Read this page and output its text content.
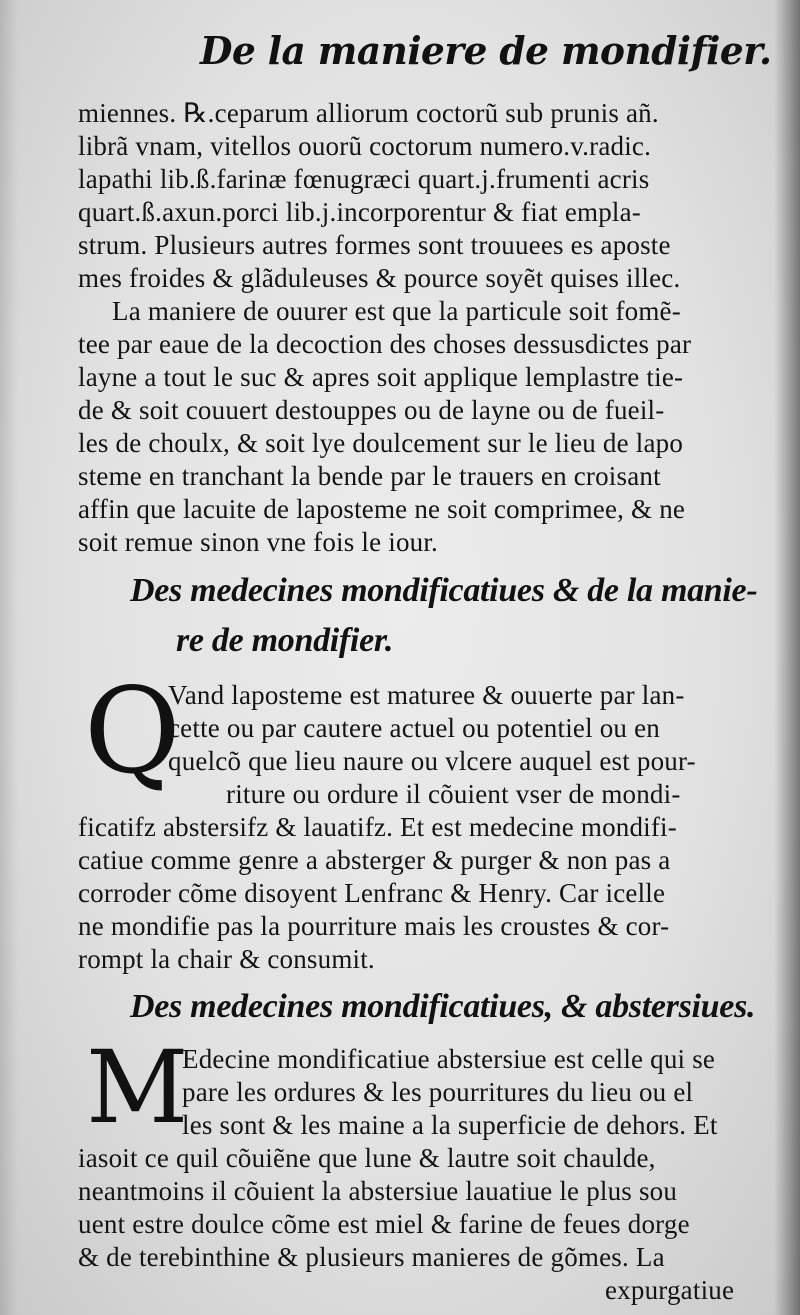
De la maniere de mondifier.
miennes. ℞.ceparum alliorum coctorũ sub prunis añ.
librã vnam, vitellos ouorũ coctorum numero.v.radic.
lapathi lib.ß.farinæ fœnugræci quart.j.frumenti acris
quart.ß.axun.porci lib.j.incorporentur & fiat empla-
strum. Plusieurs autres formes sont trouuees es aposte
mes froides & glãduleuses & pource soyẽt quises illec.
La maniere de ouurer est que la particule soit fomẽ-
tee par eaue de la decoction des choses dessusdictes par
layne a tout le suc & apres soit applique lemplastre tie-
de & soit couuert destouppes ou de layne ou de fueil-
les de choulx, & soit lye doulcement sur le lieu de lapo
steme en tranchant la bende par le trauers en croisant
affin que lacuite de laposteme ne soit comprimee, & ne
soit remue sinon vne fois le iour.
Des medecines mondificatiues & de la manie-
re de mondifier.
Q
Vand laposteme est maturee & ouuerte par lan-
cette ou par cautere actuel ou potentiel ou en
quelcõ que lieu naure ou vlcere auquel est pour-
riture ou ordure il cõuient vser de mondi-
ficatifz abstersifz & lauatifz. Et est medecine mondifi-
catiue comme genre a absterger & purger & non pas a
corroder cõme disoyent Lenfranc & Henry. Car icelle
ne mondifie pas la pourriture mais les croustes & cor-
rompt la chair & consumit.
Des medecines mondificatiues, & abstersiues.
M
Edecine mondificatiue abstersiue est celle qui se
pare les ordures & les pourritures du lieu ou el
les sont & les maine a la superficie de dehors. Et
iasoit ce quil cõuiẽne que lune & lautre soit chaulde,
neantmoins il cõuient la abstersiue lauatiue le plus sou
uent estre doulce cõme est miel & farine de feues dorge
& de terebinthine & plusieurs manieres de gõmes. La
expurgatiue
